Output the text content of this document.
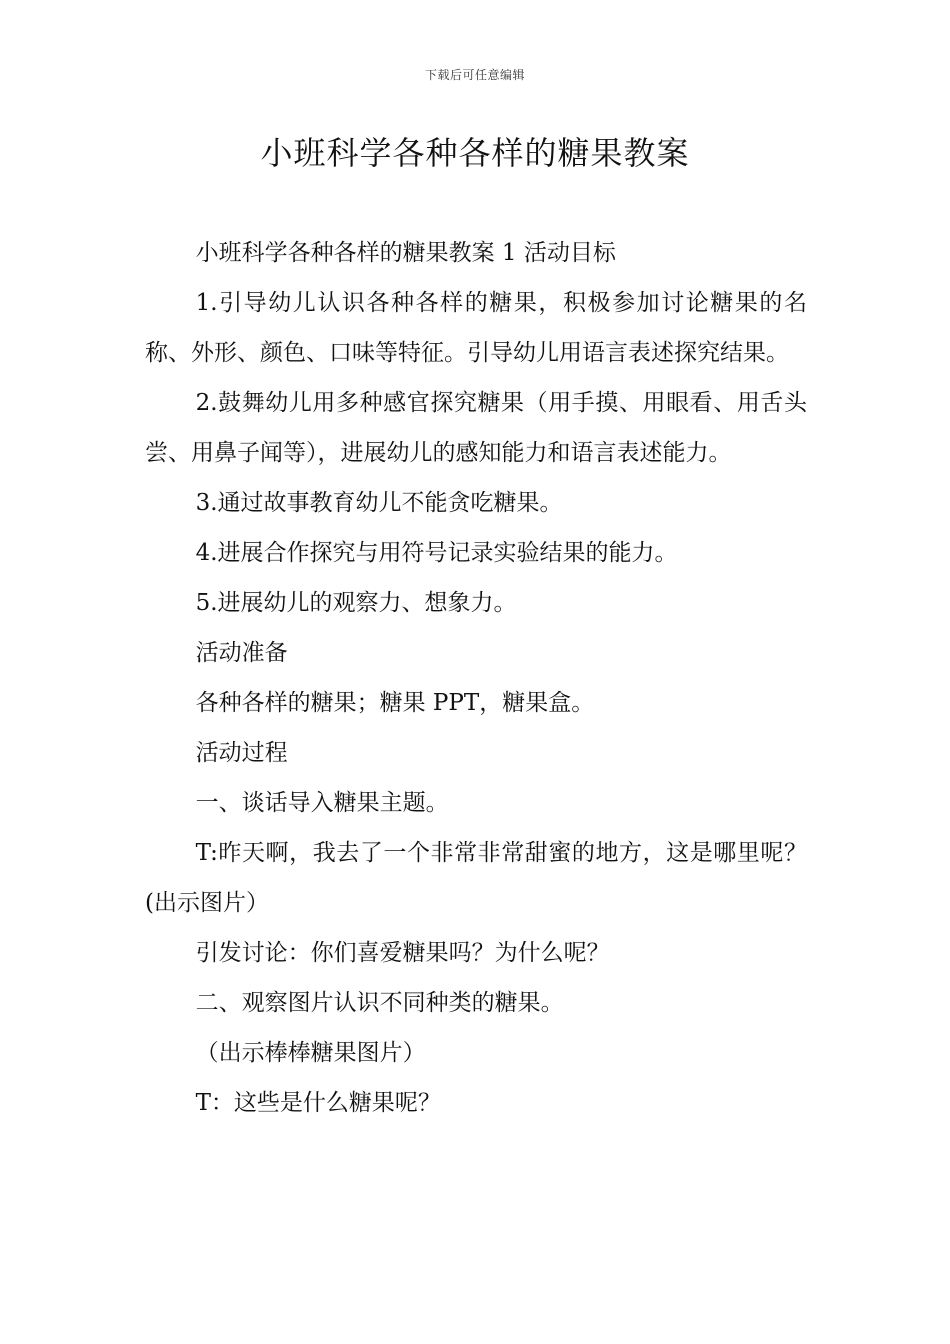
下载后可任意编辑
小班科学各种各样的糖果教案

小班科学各种各样的糖果教案 1 活动目标

1.引导幼儿认识各种各样的糖果，积极参加讨论糖果的名称、外形、颜色、口味等特征。引导幼儿用语言表述探究结果。

2.鼓舞幼儿用多种感官探究糖果（用手摸、用眼看、用舌头尝、用鼻子闻等），进展幼儿的感知能力和语言表述能力。

3.通过故事教育幼儿不能贪吃糖果。

4.进展合作探究与用符号记录实验结果的能力。

5.进展幼儿的观察力、想象力。

活动准备

各种各样的糖果；糖果 PPT，糖果盒。

活动过程

一、谈话导入糖果主题。

T:昨天啊，我去了一个非常非常甜蜜的地方，这是哪里呢？(出示图片）

引发讨论：你们喜爱糖果吗？为什么呢？

二、观察图片认识不同种类的糖果。

（出示棒棒糖果图片）

T：这些是什么糖果呢？
